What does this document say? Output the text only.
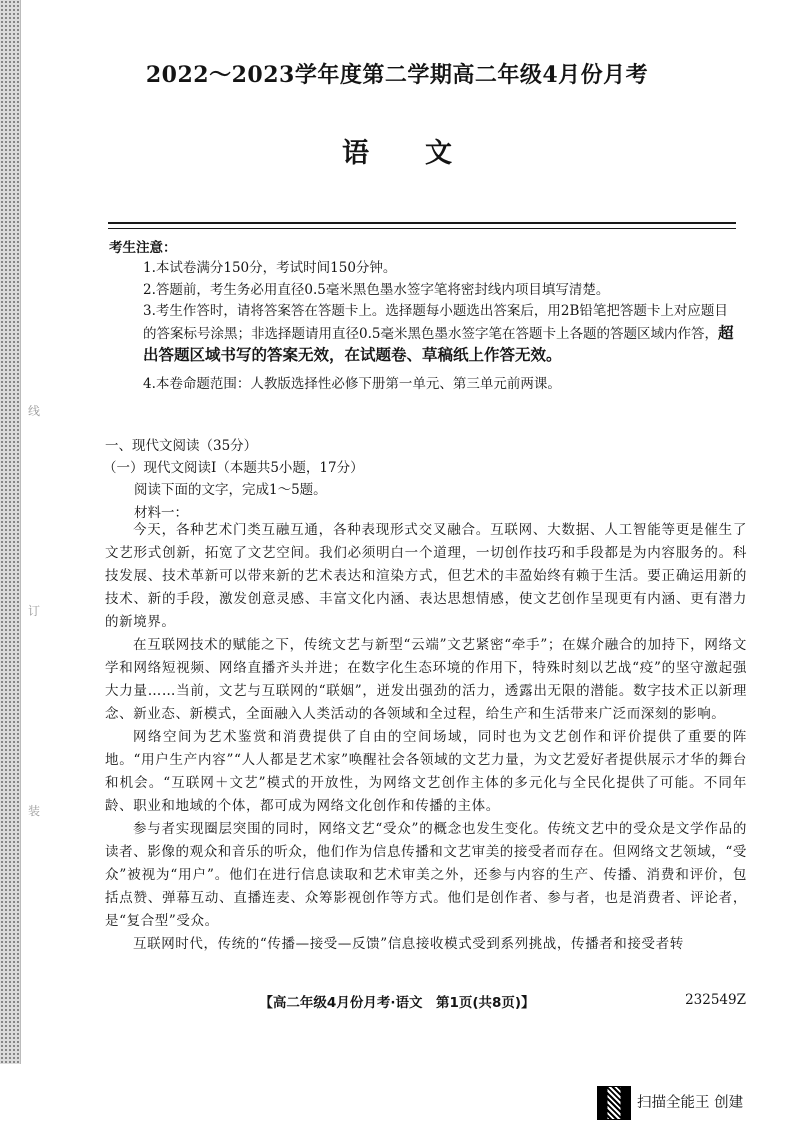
线
订
装
2022～2023学年度第二学期高二年级4月份月考
语文
考生注意：

1.本试卷满分150分，考试时间150分钟。

2.答题前，考生务必用直径0.5毫米黑色墨水签字笔将密封线内项目填写清楚。

3.考生作答时，请将答案答在答题卡上。选择题每小题选出答案后，用2B铅笔把答题卡上对应题目的答案标号涂黑；非选择题请用直径0.5毫米黑色墨水签字笔在答题卡上各题的答题区域内作答，超出答题区域书写的答案无效，在试题卷、草稿纸上作答无效。

4.本卷命题范围：人教版选择性必修下册第一单元、第三单元前两课。

一、现代文阅读（35分）
（一）现代文阅读Ⅰ（本题共5小题，17分）
阅读下面的文字，完成1～5题。
材料一：

今天，各种艺术门类互融互通，各种表现形式交叉融合。互联网、大数据、人工智能等更是催生了文艺形式创新，拓宽了文艺空间。我们必须明白一个道理，一切创作技巧和手段都是为内容服务的。科技发展、技术革新可以带来新的艺术表达和渲染方式，但艺术的丰盈始终有赖于生活。要正确运用新的技术、新的手段，激发创意灵感、丰富文化内涵、表达思想情感，使文艺创作呈现更有内涵、更有潜力的新境界。

在互联网技术的赋能之下，传统文艺与新型“云端”文艺紧密“牵手”；在媒介融合的加持下，网络文学和网络短视频、网络直播齐头并进；在数字化生态环境的作用下，特殊时刻以艺战“疫”的坚守激起强大力量……当前，文艺与互联网的“联姻”，迸发出强劲的活力，透露出无限的潜能。数字技术正以新理念、新业态、新模式，全面融入人类活动的各领域和全过程，给生产和生活带来广泛而深刻的影响。

网络空间为艺术鉴赏和消费提供了自由的空间场域，同时也为文艺创作和评价提供了重要的阵地。“用户生产内容”“人人都是艺术家”唤醒社会各领域的文艺力量，为文艺爱好者提供展示才华的舞台和机会。“互联网＋文艺”模式的开放性，为网络文艺创作主体的多元化与全民化提供了可能。不同年龄、职业和地域的个体，都可成为网络文化创作和传播的主体。

参与者实现圈层突围的同时，网络文艺“受众”的概念也发生变化。传统文艺中的受众是文学作品的读者、影像的观众和音乐的听众，他们作为信息传播和文艺审美的接受者而存在。但网络文艺领域，“受众”被视为“用户”。他们在进行信息读取和艺术审美之外，还参与内容的生产、传播、消费和评价，包括点赞、弹幕互动、直播连麦、众筹影视创作等方式。他们是创作者、参与者，也是消费者、评论者，是“复合型”受众。

互联网时代，传统的“传播—接受—反馈”信息接收模式受到系列挑战，传播者和接受者转

【高二年级4月份月考·语文　第1页(共8页)】	232549Z
扫描全能王 创建
